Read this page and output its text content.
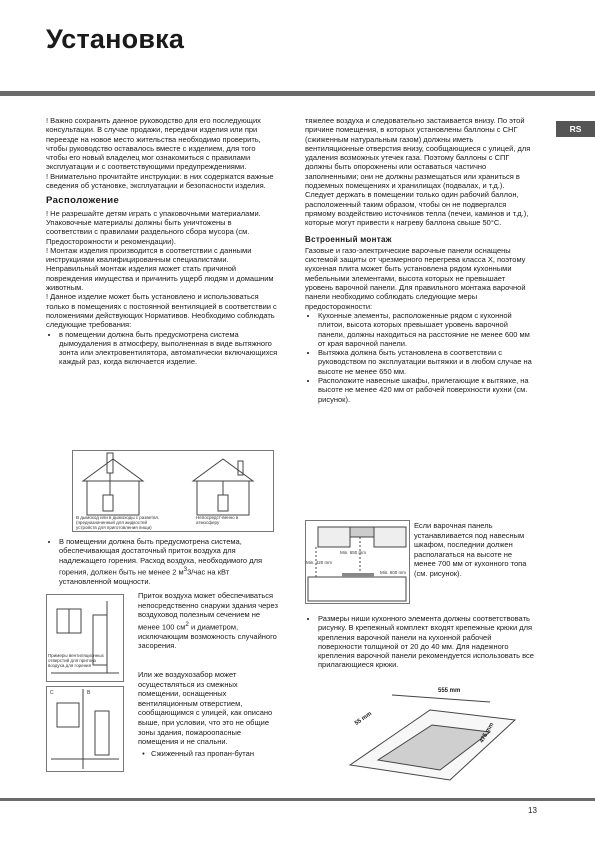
Установка
RS

! Важно сохранить данное руководство для его последующих консультации. В случае продажи, передачи изделия или при переезде на новое место жительства необходимо проверить, чтобы руководство оставалось вместе с изделием, для того чтобы его новый владелец мог ознакомиться с правилами эксплуатации и с соответствующими предупреждениями.

! Внимательно прочитайте инструкции: в них содержатся важные сведения об установке, эксплуатации и безопасности изделия.

Расположение

! Не разрешайте детям играть с упаковочными материалами.

Упаковочные материалы должны быть уничтожены в соответствии с правилами раздельного сбора мусора (см. Предосторожности и рекомендации).

! Монтаж изделия производится в соответствии с данными инструкциями квалифицированным специалистами. Неправильный монтаж изделия может стать причиной повреждения имущества и причинить ущерб людям и домашним животным.

! Данное изделие может быть установлено и использоваться только в помещениях с постоянной вентиляцией в соответствии с положениями действующих Нормативов. Необходимо соблюдать следующие требования:

• в помещении должна быть предусмотрена система дымоудаления в атмосферу, выполненная в виде вытяжного зонта или электровентилятора, автоматически включающихся каждый раз, когда включается изделие.
В дымоход или в дымоходы с разветвл. (предназначенный для жидкостей устройств для приготовления пищи)
Непосредст-венно в атмосферу
• В помещении должна быть предусмотрена система, обеспечивающая достаточный приток воздуха для надлежащего горения. Расход воздуха, необходимого для горения, должен быть не менее 2 $м^33$/час на кВт установленной мощности.
Примеры вентиляционных отверстий для притока воздуха для горения

Приток воздуха может обеспечиваться непосредственно снаружи здания через воздуховод полезным сечением не менее 100 $см^2$ и диаметром, исключающим возможность случайного засорения.

C	B

Или же воздухозабор может осуществляться из смежных помещении, оснащенных вентиляционным отверстием, сообщающимся с улицей, как описано выше, при условии, что это не общие зоны здания, пожароопасные помещения и не спальни.

•   Сжиженный газ пропан-бутан

тяжелее воздуха и следовательно застаивается внизу. По этой причине помещения, в которых установлены баллоны с СНГ (сжиженным натуральным газом) должны иметь вентиляционные отверстия внизу, сообщающиеся с улицей, для удаления возможных утечек газа. Поэтому баллоны с СПГ должны быть опорожнены или оставаться частично заполненными; они не должны размещаться или храниться в подземных помещениях и хранилищах (подвалах, и т.д.). Следует держать в помещении только один рабочий баллон, расположенный таким образом, чтобы он не подвергался прямому воздействию источников тепла (печеи, каминов и т.д.), которые могут привести к нагреву баллона свыше 50°С.

Встроенный монтаж

Газовые и газо-электрические варочные панели оснащены системой защиты от чрезмерного перегрева класса X, поэтому кухонная плита может быть установлена рядом кухонными мебельными элементами, высота которых не превышает уровень варочной панели. Для правильного монтажа варочной панели необходимо соблюдать следующие меры предосторожности:

• Кухонные элементы, расположенные рядом с кухонной плитои, высота которых превышает уровень варочной панели, должны находиться на расстояние не менее 600 мм от края варочной панели.
• Вытяжка должна быть установлена в соответствии с руководством по эксплуатации вытяжки и в любом случае на высоте не менее 650 мм.
• Расположите навесные шкафы, прилегающие к вытяжке, на высоте не менее 420 мм от рабочей поверхности кухни (см. рисунок).
Min. 650 mm
Min. 420 mm
Min. 600 mm

Если варочная панель устанавливается под навесным шкафом, последнии должен располагаться на высоте не менее 700 мм от кухонного топа (см. рисунок).

• Размеры ниши кухонного элемента должны соответствовать рисунку. В крепежный комплект входят крепежные крюки для крепления варочной панели на кухонной рабочей поверхности толщиной от 20 до 40 мм. Для надежного крепления варочной панели рекомендуется использовать все прилагающиеся крюки.
555 mm
55 mm
475 mm
13
